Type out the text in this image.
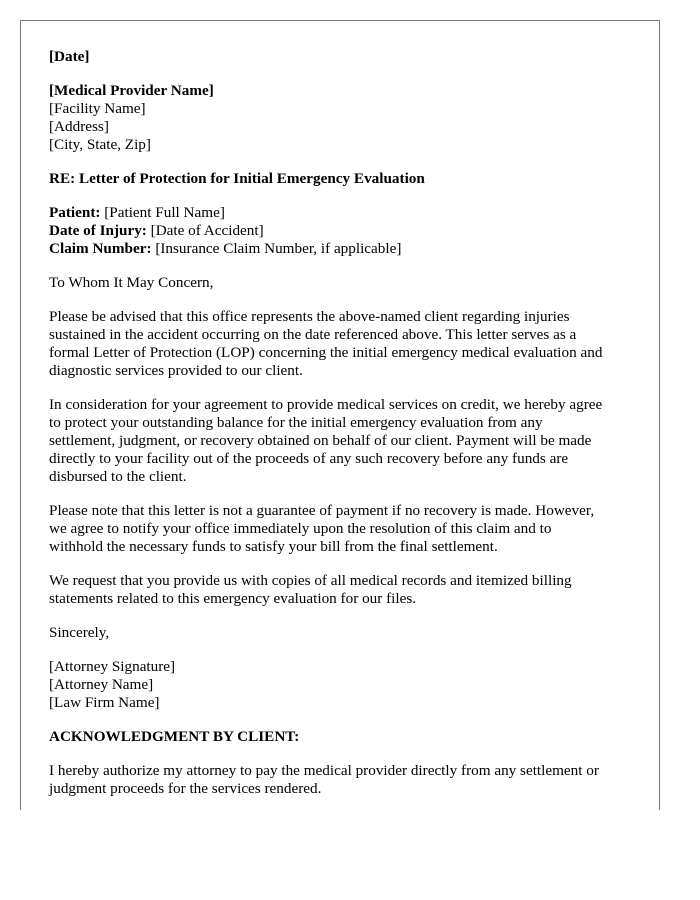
[Date]
[Medical Provider Name]
[Facility Name]
[Address]
[City, State, Zip]
RE: Letter of Protection for Initial Emergency Evaluation
Patient: [Patient Full Name]
Date of Injury: [Date of Accident]
Claim Number: [Insurance Claim Number, if applicable]
To Whom It May Concern,
Please be advised that this office represents the above-named client regarding injuries
sustained in the accident occurring on the date referenced above. This letter serves as a
formal Letter of Protection (LOP) concerning the initial emergency medical evaluation and
diagnostic services provided to our client.
In consideration for your agreement to provide medical services on credit, we hereby agree
to protect your outstanding balance for the initial emergency evaluation from any
settlement, judgment, or recovery obtained on behalf of our client. Payment will be made
directly to your facility out of the proceeds of any such recovery before any funds are
disbursed to the client.
Please note that this letter is not a guarantee of payment if no recovery is made. However,
we agree to notify your office immediately upon the resolution of this claim and to
withhold the necessary funds to satisfy your bill from the final settlement.
We request that you provide us with copies of all medical records and itemized billing
statements related to this emergency evaluation for our files.
Sincerely,
[Attorney Signature]
[Attorney Name]
[Law Firm Name]
ACKNOWLEDGMENT BY CLIENT:
I hereby authorize my attorney to pay the medical provider directly from any settlement or
judgment proceeds for the services rendered.
